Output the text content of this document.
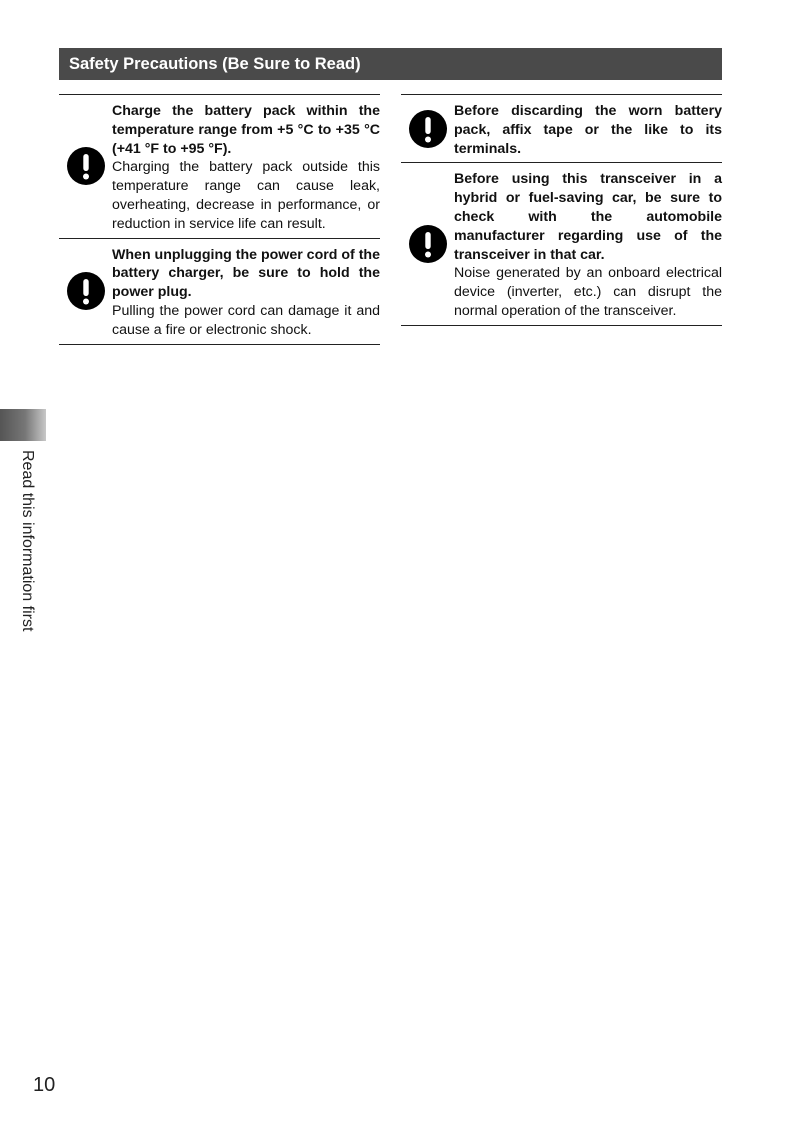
Safety Precautions (Be Sure to Read)
Charge the battery pack within the temperature range from +5 °C to +35 °C (+41 °F to +95 °F).
Charging the battery pack outside this temperature range can cause leak, overheating, decrease in performance, or reduction in service life can result.
When unplugging the power cord of the battery charger, be sure to hold the power plug.
Pulling the power cord can damage it and cause a fire or electronic shock.
Before discarding the worn battery pack, affix tape or the like to its terminals.
Before using this transceiver in a hybrid or fuel-saving car, be sure to check with the automobile manufacturer regarding use of the transceiver in that car.
Noise generated by an onboard electrical device (inverter, etc.) can disrupt the normal operation of the transceiver.
Read this information first
10
